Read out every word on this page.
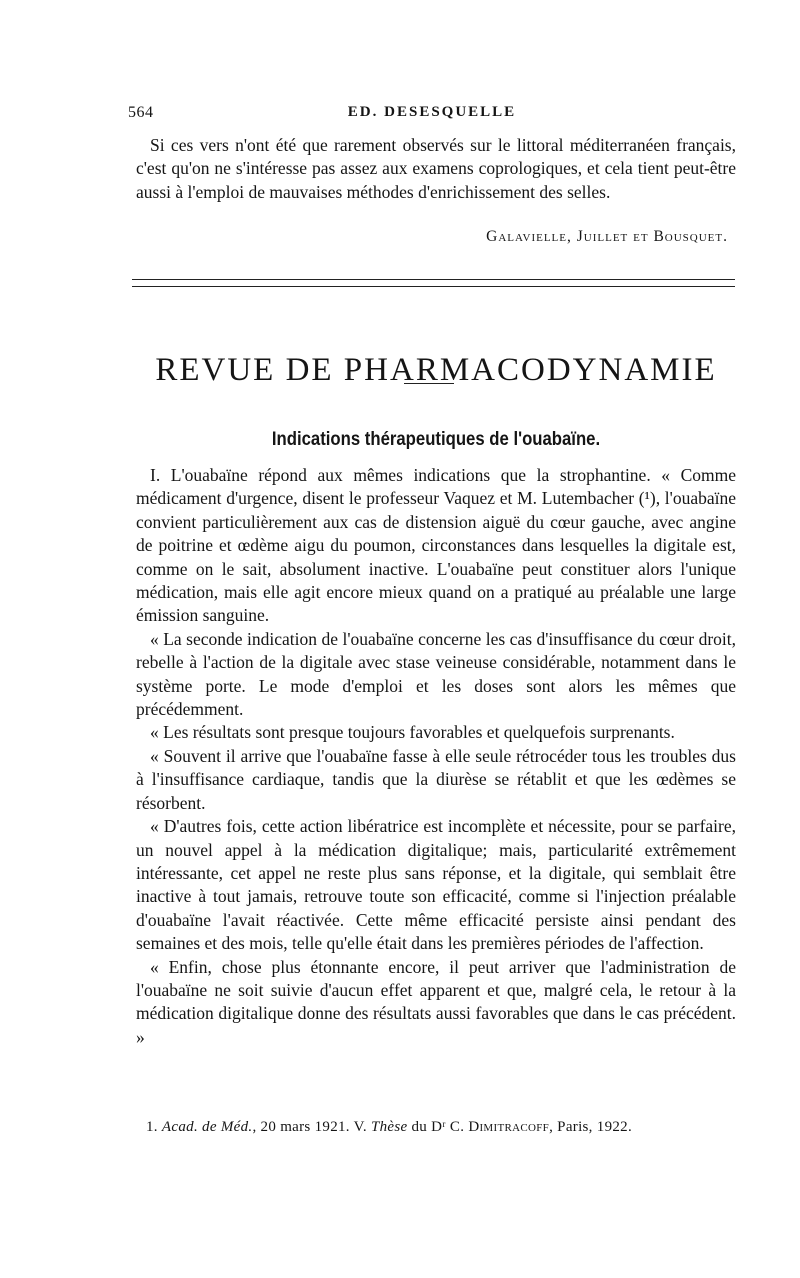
564	ED. DESESQUELLE

Si ces vers n'ont été que rarement observés sur le littoral méditerranéen français, c'est qu'on ne s'intéresse pas assez aux examens coprologiques, et cela tient peut-être aussi à l'emploi de mauvaises méthodes d'enrichissement des selles.

Galavielle, Juillet et Bousquet.
REVUE DE PHARMACODYNAMIE
Indications thérapeutiques de l'ouabaïne.

I. L'ouabaïne répond aux mêmes indications que la strophantine. « Comme médicament d'urgence, disent le professeur Vaquez et M. Lutembacher (¹), l'ouabaïne convient particulièrement aux cas de distension aiguë du cœur gauche, avec angine de poitrine et œdème aigu du poumon, circonstances dans lesquelles la digitale est, comme on le sait, absolument inactive. L'ouabaïne peut constituer alors l'unique médication, mais elle agit encore mieux quand on a pratiqué au préalable une large émission sanguine.

« La seconde indication de l'ouabaïne concerne les cas d'insuffisance du cœur droit, rebelle à l'action de la digitale avec stase veineuse considérable, notamment dans le système porte. Le mode d'emploi et les doses sont alors les mêmes que précédemment.

« Les résultats sont presque toujours favorables et quelquefois surprenants.

« Souvent il arrive que l'ouabaïne fasse à elle seule rétrocéder tous les troubles dus à l'insuffisance cardiaque, tandis que la diurèse se rétablit et que les œdèmes se résorbent.

« D'autres fois, cette action libératrice est incomplète et nécessite, pour se parfaire, un nouvel appel à la médication digitalique; mais, particularité extrêmement intéressante, cet appel ne reste plus sans réponse, et la digitale, qui semblait être inactive à tout jamais, retrouve toute son efficacité, comme si l'injection préalable d'ouabaïne l'avait réactivée. Cette même efficacité persiste ainsi pendant des semaines et des mois, telle qu'elle était dans les premières périodes de l'affection.

« Enfin, chose plus étonnante encore, il peut arriver que l'administration de l'ouabaïne ne soit suivie d'aucun effet apparent et que, malgré cela, le retour à la médication digitalique donne des résultats aussi favorables que dans le cas précédent. »

1. Acad. de Méd., 20 mars 1921. V. Thèse du Dʳ C. Dimitracoff, Paris, 1922.
